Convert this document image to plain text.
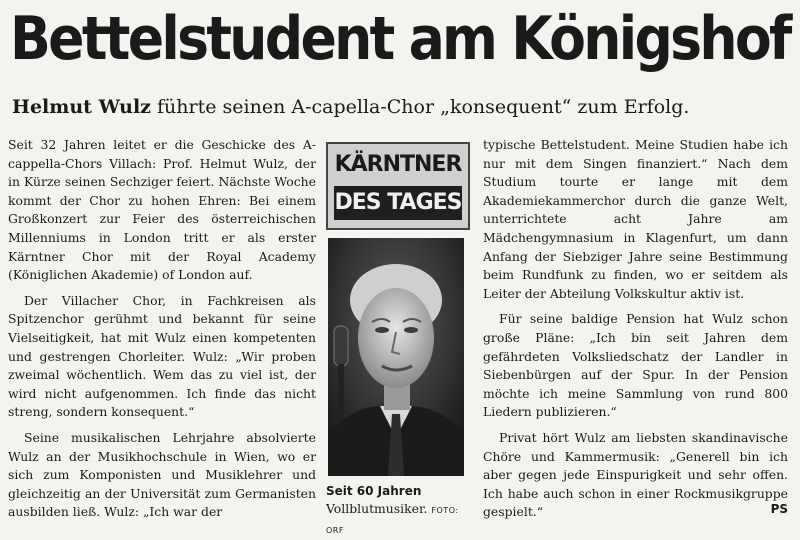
Bettelstudent am Königshof
Helmut Wulz führte seinen A-capella-Chor „konsequent“ zum Erfolg.

Seit 32 Jahren leitet er die Geschicke des A-cappella-Chors Villach: Prof. Helmut Wulz, der in Kürze seinen Sechziger feiert. Nächste Woche kommt der Chor zu hohen Ehren: Bei einem Großkonzert zur Feier des österreichischen Millenniums in London tritt er als erster Kärntner Chor mit der Royal Academy (Königlichen Akademie) of London auf.

Der Villacher Chor, in Fachkreisen als Spitzenchor gerühmt und bekannt für seine Vielseitigkeit, hat mit Wulz einen kompetenten und gestrengen Chorleiter. Wulz: „Wir proben zweimal wöchentlich. Wem das zu viel ist, der wird nicht aufgenommen. Ich finde das nicht streng, sondern konsequent.“

Seine musikalischen Lehrjahre absolvierte Wulz an der Musikhochschule in Wien, wo er sich zum Komponisten und Musiklehrer und gleichzeitig an der Universität zum Germanisten ausbilden ließ. Wulz: „Ich war der

KÄRNTNER
DES TAGES
Seit 60 Jahren Vollblutmusiker. FOTO: ORF

typische Bettelstudent. Meine Studien habe ich nur mit dem Singen finanziert.“ Nach dem Studium tourte er lange mit dem Akademiekammerchor durch die ganze Welt, unterrichtete acht Jahre am Mädchengymnasium in Klagenfurt, um dann Anfang der Siebziger Jahre seine Bestimmung beim Rundfunk zu finden, wo er seitdem als Leiter der Abteilung Volkskultur aktiv ist.

Für seine baldige Pension hat Wulz schon große Pläne: „Ich bin seit Jahren dem gefährdeten Volksliedschatz der Landler in Siebenbürgen auf der Spur. In der Pension möchte ich meine Sammlung von rund 800 Liedern publizieren.“

Privat hört Wulz am liebsten skandinavische Chöre und Kammermusik: „Generell bin ich aber gegen jede Einspurigkeit und sehr offen. Ich habe auch schon in einer Rockmusikgruppe gespielt.“	PS
